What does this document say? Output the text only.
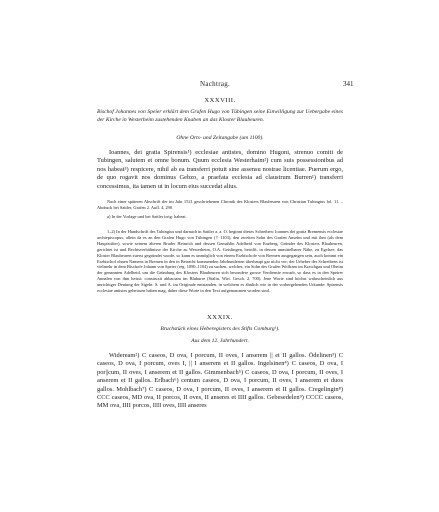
Nachtrag.	341
XXXVIII.
Bischof Johannes von Speier erklärt dem Grafen Hugo von Tübingen seine Einwilligung zur Uebergabe eines der Kirche in Westerheim zustehenden Knaben an das Kloster Blaubeuren.
Ohne Orts- und Zeitangabe (um 1100).

Ioannes, dei gratia Spirensis¹) ecclesiae antistes, domino Hugoni, strenuo comiti de Tubingen, salutem et omne bonum. Quum ecclesia Westerhaim²) cum suis possessionibus ad nos habeat³) respicere, nihil ab ea transferri potuit sine assensu nostrae licentiae. Puerum ergo, de quo rogavit nos dominus Gebzo, a praefata ecclesia ad claustrum Burren¹) transferri concessimus, ita tamen ut in locum eius succedat alius.

Nach einer späteren Abschrift der im Jahr 1521 geschriebenen Chronik des Klosters Blaubeuren von Christian Tubingius fol. 11. – Abdruck bei Sattler, Grafen 2. Aufl. 4, 290.

a) In der Vorlage und bei Sattler irrig: habeat.

1–2) In der Handschrift des Tubingius und darnach in Sattler a. a. O. beginnt dieses Schreiben: Ioannes dei gratia Bremensis ecclesiae archiepiscopus, allein da es an den Grafen Hugo von Tübingen († 1103), den zweiten Sohn des Grafen Anselm und mit ihm (als dem Hauptstifter), sowie seinem älteren Bruder Heinrich und dessen Gemahlin Adelheid von Enzberg, Gründer des Klosters Blaubeuren, gerichtet ist und Rechtsverhältnisse der Kirche zu Westerheim, O.A. Geislingen, betrifft, in dessen unmittelbarer Nähe, zu Egelsee, das Kloster Blaubeuren zuerst gegründet wurde, so kann es unmöglich von einem Erzbischofe von Bremen ausgegangen sein, auch kommt ein Erzbischof ohnen Namens in Bremen in den in Betracht kommenden Jahrhunderten überhaupt gar nicht vor; der Urheber des Schreibens ist vielmehr in dem Bischofe Johann von Speier (reg. 1090–1104) zu suchen, welcher, ein Sohn des Grafen Wolfram im Kraichgau und Oheim der genannten Adelheid, um die Gründung des Klosters Blaubeuren sich besondere grosse Verdienste erwarb, so dass es in den Speirer Annalen von ihm heisst: construxit abbaciam im Bluburre (Stälin, Wirt. Gesch. 2, 700). Jene Worte sind höchst wahrscheinlich aus unrichtiger Deutung der Sigeln: S. und A. im Originale entstanden, in welchem es ähnlich wie in der vorhergehenden Urkunde: Spirensis ecclesiae antistes geheissen haben mag, daher diese Worte in den Text aufgenommen worden sind.

XXXIX.
Bruchstück eines Heberegisters des Stifts Comburg¹).
Aus dem 12. Jahrhundert.

Wideream²) C caseos, D ova, I porcum, II oves, I anserem || et II gallos. Ödelinen³) C caseos, D ova, I porcum, oves I, || I anserem et II gallos. Ingelsinen⁴) C caseos, D ova, I por||cum, II oves, I anserem et II gallos. Gimmenbach⁵) C caseos, D ova, I porcum, II oves, I anserem et II gallos. Erlbach⁶) centum caseos, D ova, I porcum, II oves, I anserem et duos gallos. Mohlbach⁷) C caseos, D ova, I porcum, II oves, I anserem et II gallos. Cregelingin⁸) CCC caseos, MD ova, II porcos, II oves, II anseres et IIII gallos. Gebesedelen⁹) CCCC caseos, MM ova, IIII porcos, IIII oves, IIII anseres
